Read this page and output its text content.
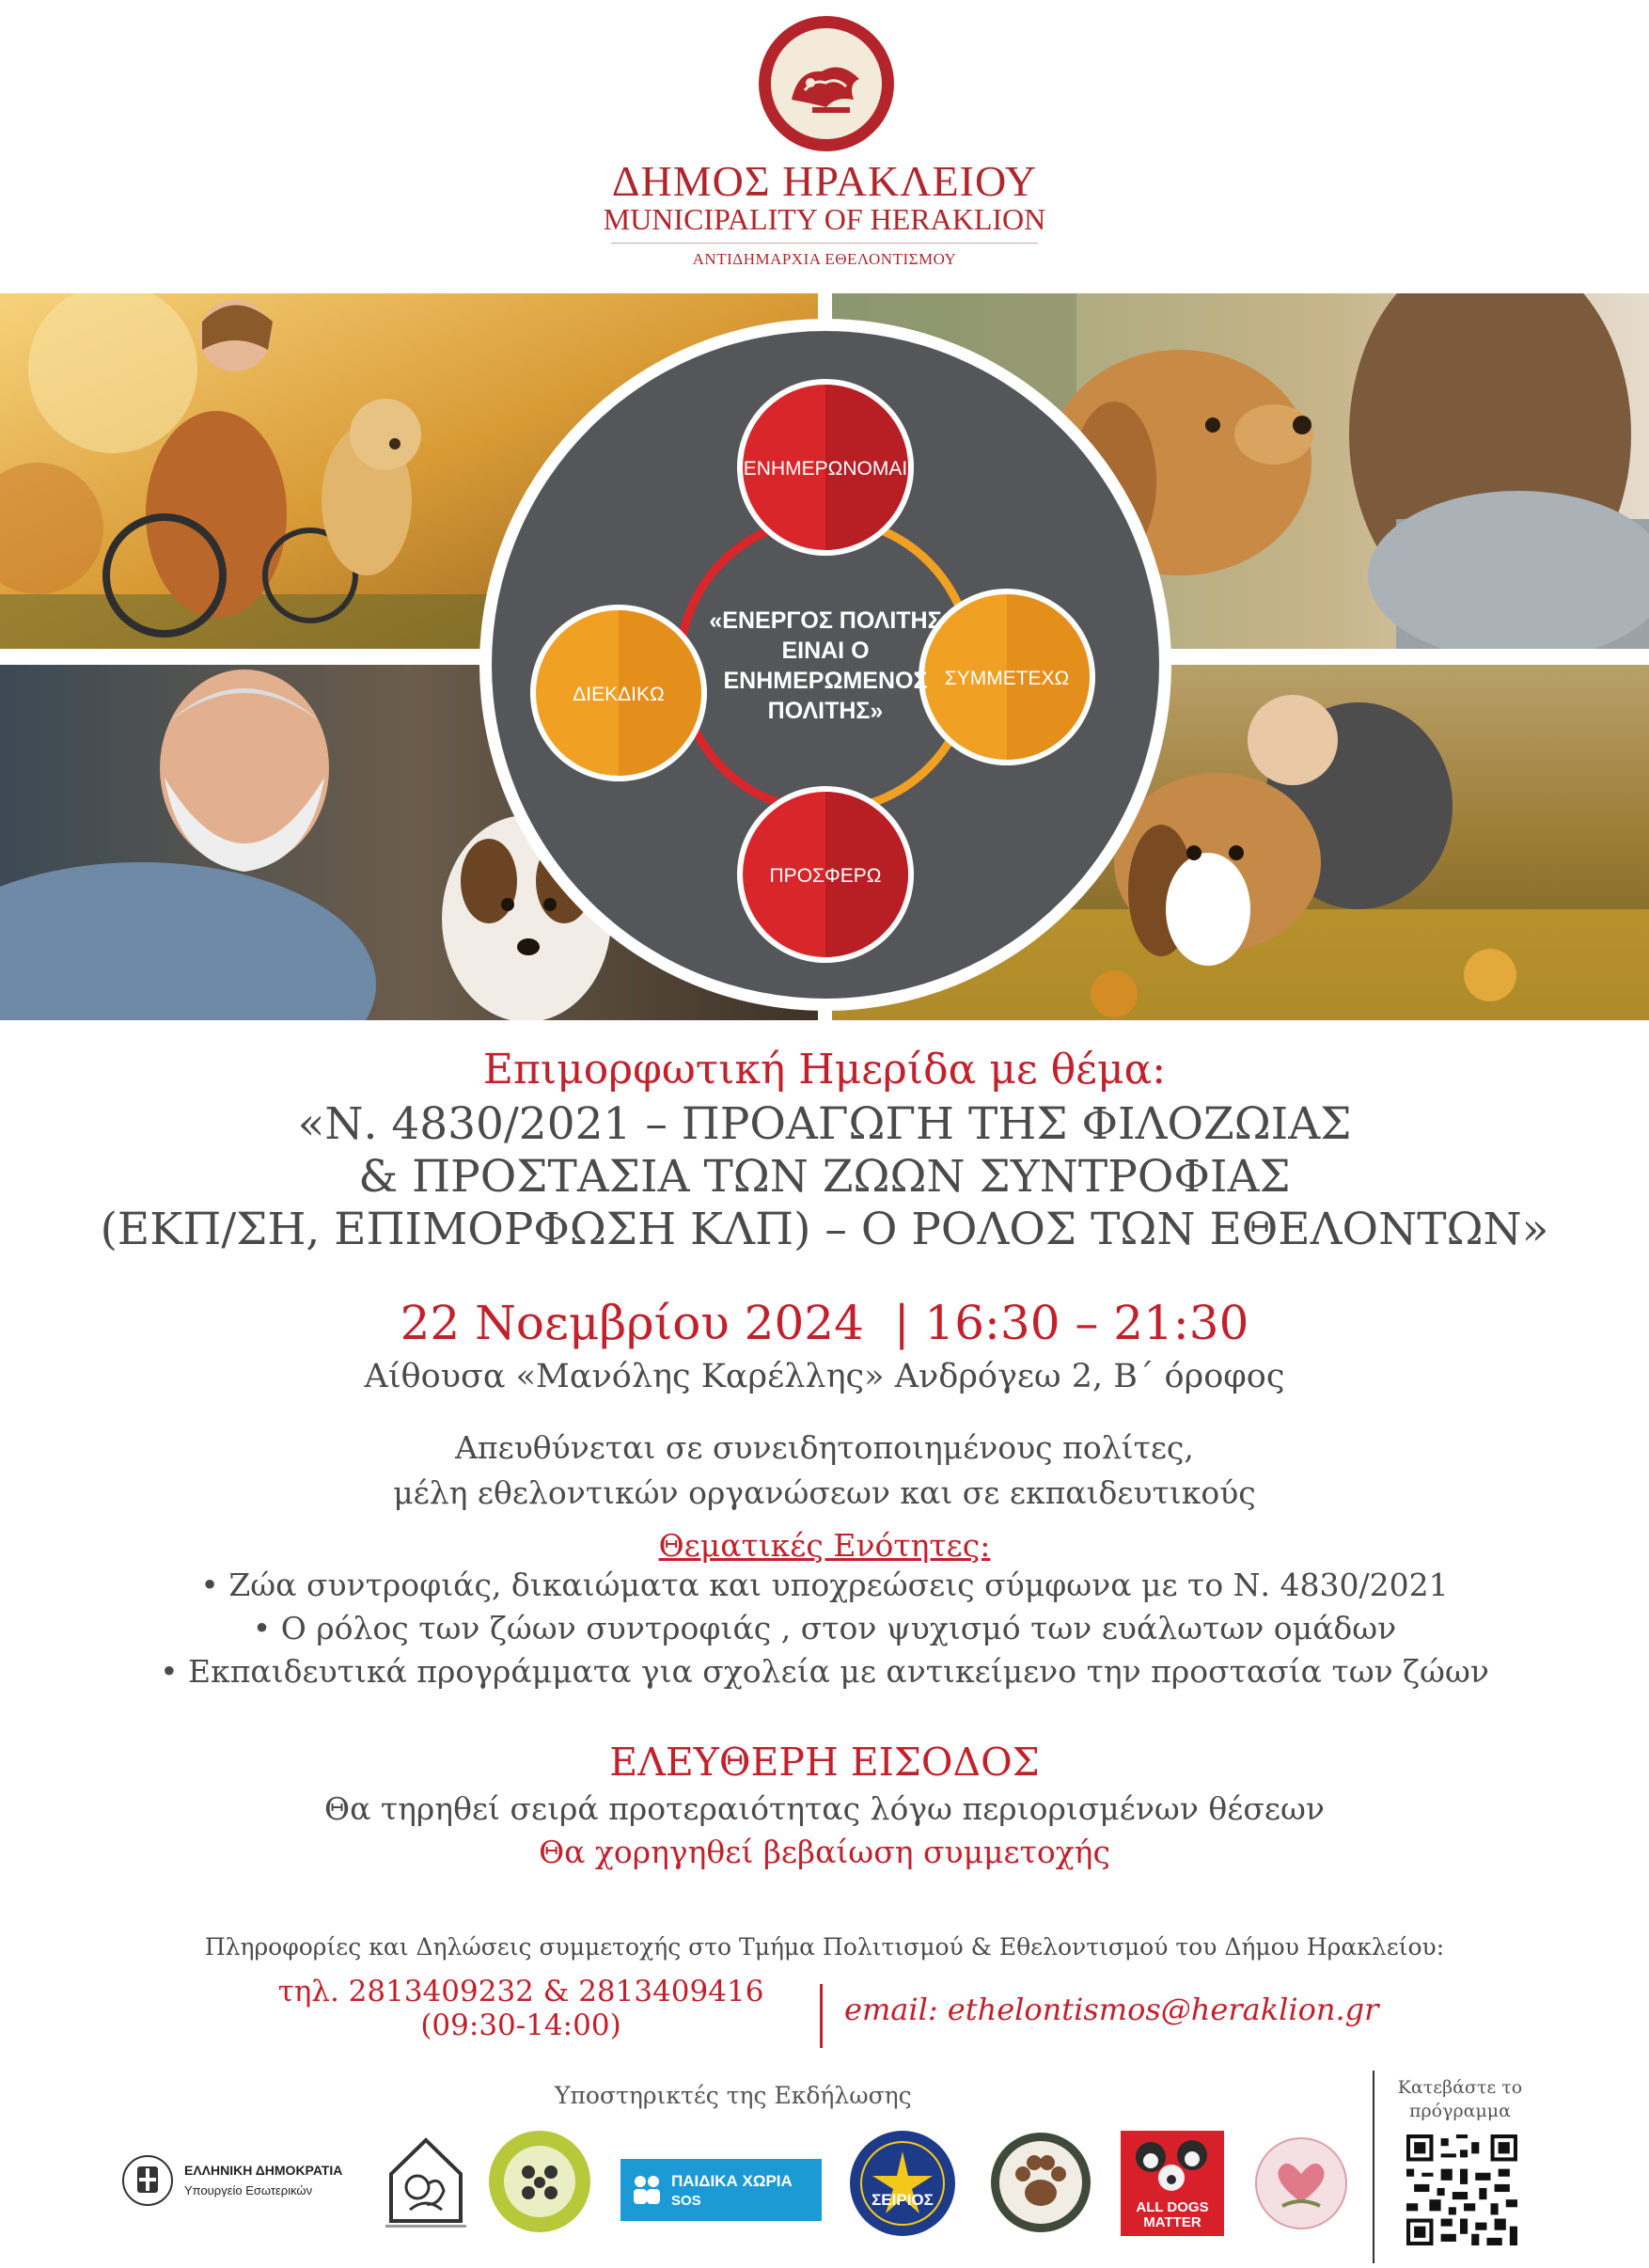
ΔΗΜΟΣ ΗΡΑΚΛΕΙΟΥ
MUNICIPALITY OF HERAKLION
ΑΝΤΙΔΗΜΑΡΧΙΑ ΕΘΕΛΟΝΤΙΣΜΟΥ
ΕΝΗΜΕΡΩΝΟΜΑΙ
ΣΥΜΜΕΤΕΧΩ
ΠΡΟΣΦΕΡΩ
ΔΙΕΚΔΙΚΩ
«ΕΝΕΡΓΟΣ ΠΟΛΙΤΗΣ
ΕΙΝΑΙ Ο
ΕΝΗΜΕΡΩΜΕΝΟΣ
ΠΟΛΙΤΗΣ»
Επιμορφωτική Ημερίδα με θέμα:
«Ν. 4830/2021 – ΠΡΟΑΓΩΓΗ ΤΗΣ ΦΙΛΟΖΩΙΑΣ
& ΠΡΟΣΤΑΣΙΑ ΤΩΝ ΖΩΩΝ ΣΥΝΤΡΟΦΙΑΣ
(ΕΚΠ/ΣΗ, ΕΠΙΜΟΡΦΩΣΗ ΚΛΠ) – Ο ΡΟΛΟΣ ΤΩΝ ΕΘΕΛΟΝΤΩΝ»
22 Νοεμβρίου 2024  | 16:30 – 21:30
Αίθουσα «Μανόλης Καρέλλης» Ανδρόγεω 2, Β΄ όροφος
Απευθύνεται σε συνειδητοποιημένους πολίτες,
μέλη εθελοντικών οργανώσεων και σε εκπαιδευτικούς
Θεματικές Ενότητες:
• Ζώα συντροφιάς, δικαιώματα και υποχρεώσεις σύμφωνα με το Ν. 4830/2021
• Ο ρόλος των ζώων συντροφιάς , στον ψυχισμό των ευάλωτων ομάδων
• Εκπαιδευτικά προγράμματα για σχολεία με αντικείμενο την προστασία των ζώων
ΕΛΕΥΘΕΡΗ ΕΙΣΟΔΟΣ
Θα τηρηθεί σειρά προτεραιότητας λόγω περιορισμένων θέσεων
Θα χορηγηθεί βεβαίωση συμμετοχής
Πληροφορίες και Δηλώσεις συμμετοχής στο Τμήμα Πολιτισμού & Εθελοντισμού του Δήμου Ηρακλείου:
τηλ. 2813409232 & 2813409416
(09:30-14:00)	email: ethelontismos@heraklion.gr
Υποστηρικτές της Εκδήλωσης
ΕΛΛΗΝΙΚΗ ΔΗΜΟΚΡΑΤΙΑ
Υπουργείο Εσωτερικών
ΠΑΙΔΙΚΑ ΧΩΡΙΑ
SOS	ΣΕΙΡΙΟΣ	ALL DOGS MATTER
Κατεβάστε το πρόγραμμα
